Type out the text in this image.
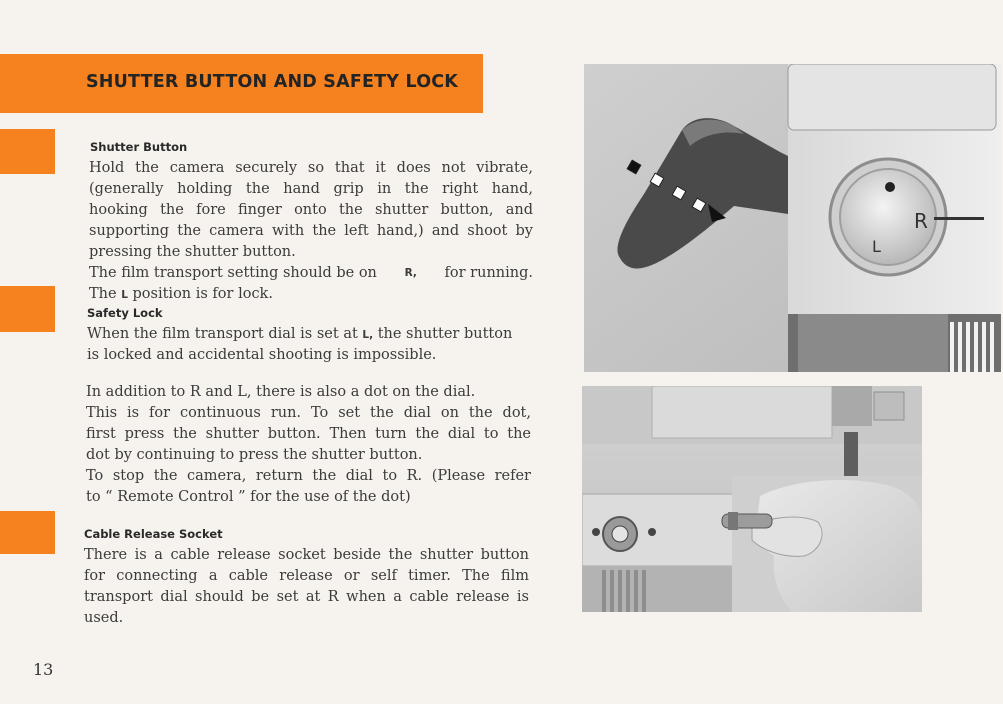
SHUTTER BUTTON AND SAFETY LOCK
Shutter Button
Hold the camera securely so that it does not vibrate,
(generally holding the hand grip in the right hand,
hooking the fore finger onto the shutter button, and
supporting the camera with the left hand,) and shoot by
pressing the shutter button.
The film transport setting should be on	R, for running.
The L position is for lock.
Safety Lock
When the film transport dial is set at L, the shutter button
is locked and accidental shooting is impossible.
In addition to R and L, there is also a dot on the dial.
This is for continuous run. To set the dial on the dot,
first press the shutter button. Then turn the dial to the
dot by continuing to press the shutter button.
To stop the camera, return the dial to R. (Please refer
to “ Remote Control ” for the use of the dot)
Cable Release Socket
There is a cable release socket beside the shutter button
for connecting a cable release or self timer. The film
transport dial should be set at R when a cable release is
used.
13
R
L
